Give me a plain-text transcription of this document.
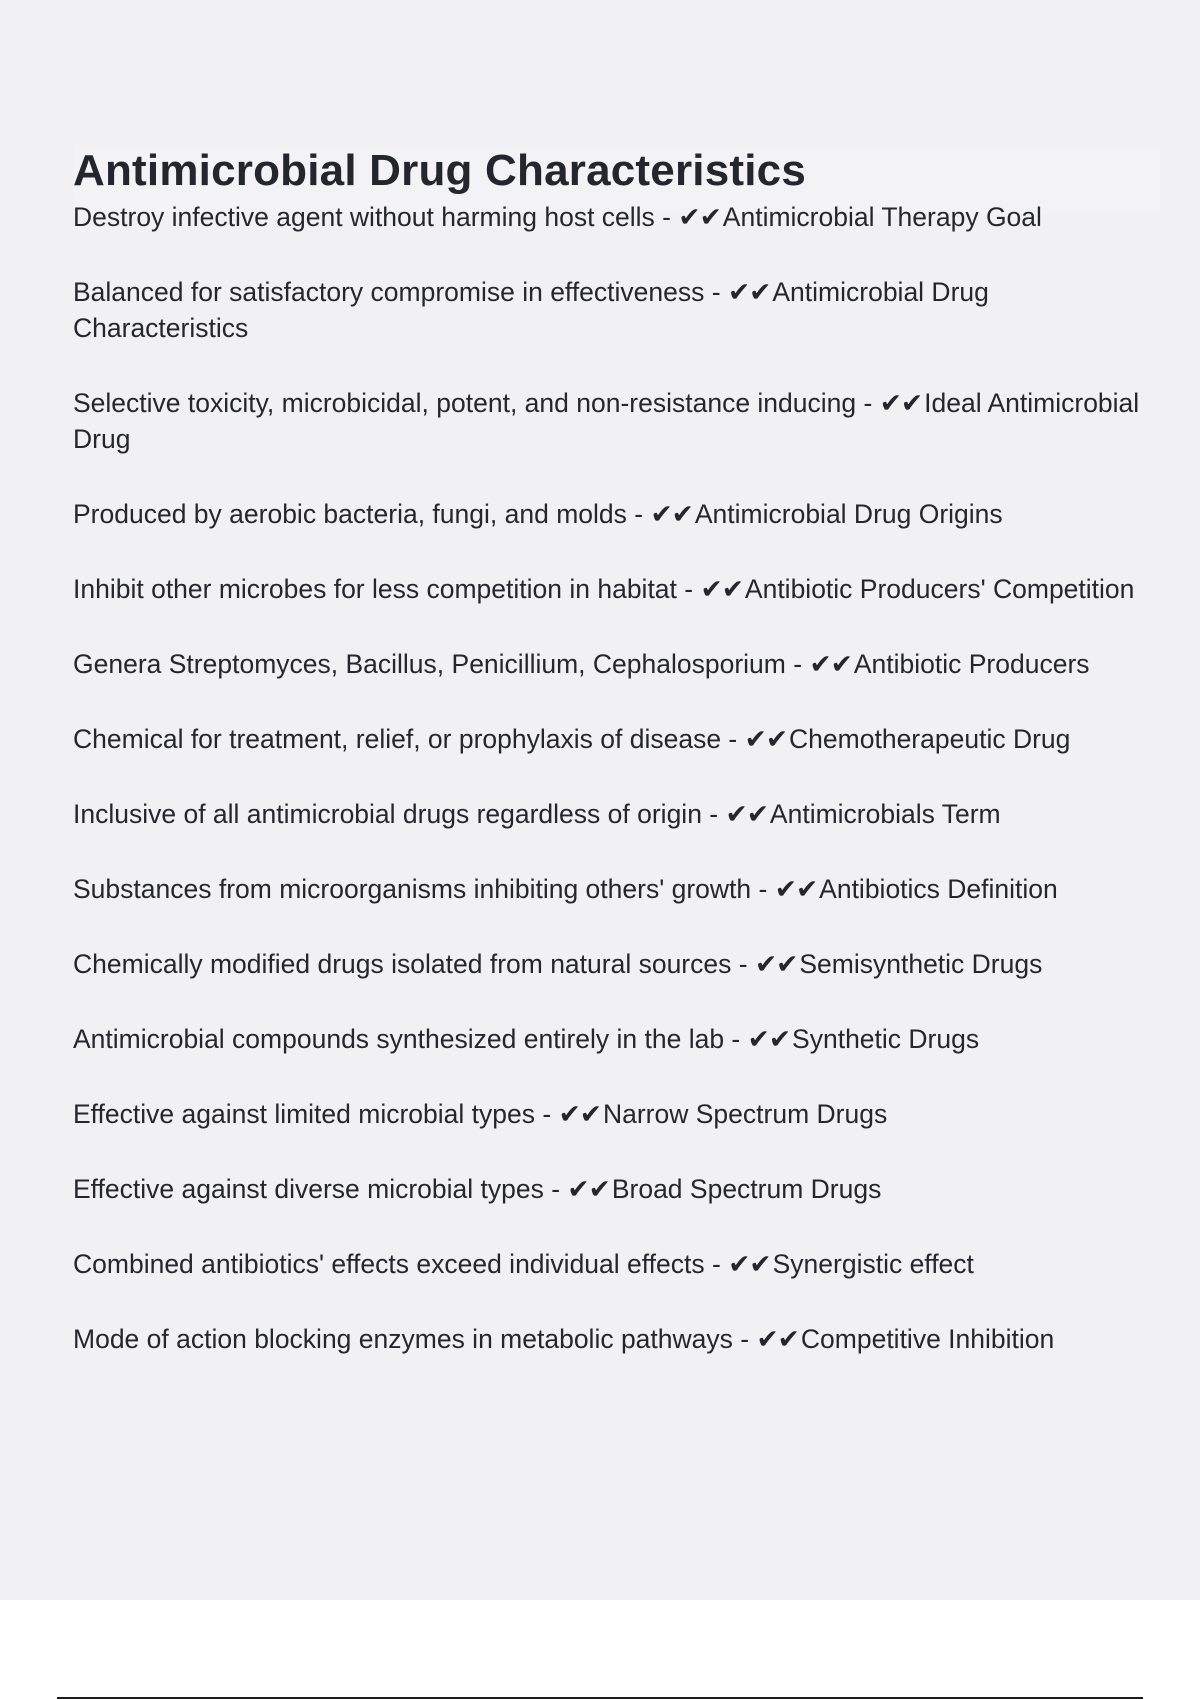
Antimicrobial Drug Characteristics

Destroy infective agent without harming host cells - ✔✔Antimicrobial Therapy Goal

Balanced for satisfactory compromise in effectiveness - ✔✔Antimicrobial Drug Characteristics

Selective toxicity, microbicidal, potent, and non-resistance inducing - ✔✔Ideal Antimicrobial Drug

Produced by aerobic bacteria, fungi, and molds - ✔✔Antimicrobial Drug Origins

Inhibit other microbes for less competition in habitat - ✔✔Antibiotic Producers' Competition

Genera Streptomyces, Bacillus, Penicillium, Cephalosporium - ✔✔Antibiotic Producers

Chemical for treatment, relief, or prophylaxis of disease - ✔✔Chemotherapeutic Drug

Inclusive of all antimicrobial drugs regardless of origin - ✔✔Antimicrobials Term

Substances from microorganisms inhibiting others' growth - ✔✔Antibiotics Definition

Chemically modified drugs isolated from natural sources - ✔✔Semisynthetic Drugs

Antimicrobial compounds synthesized entirely in the lab - ✔✔Synthetic Drugs

Effective against limited microbial types - ✔✔Narrow Spectrum Drugs

Effective against diverse microbial types - ✔✔Broad Spectrum Drugs

Combined antibiotics' effects exceed individual effects - ✔✔Synergistic effect

Mode of action blocking enzymes in metabolic pathways - ✔✔Competitive Inhibition
